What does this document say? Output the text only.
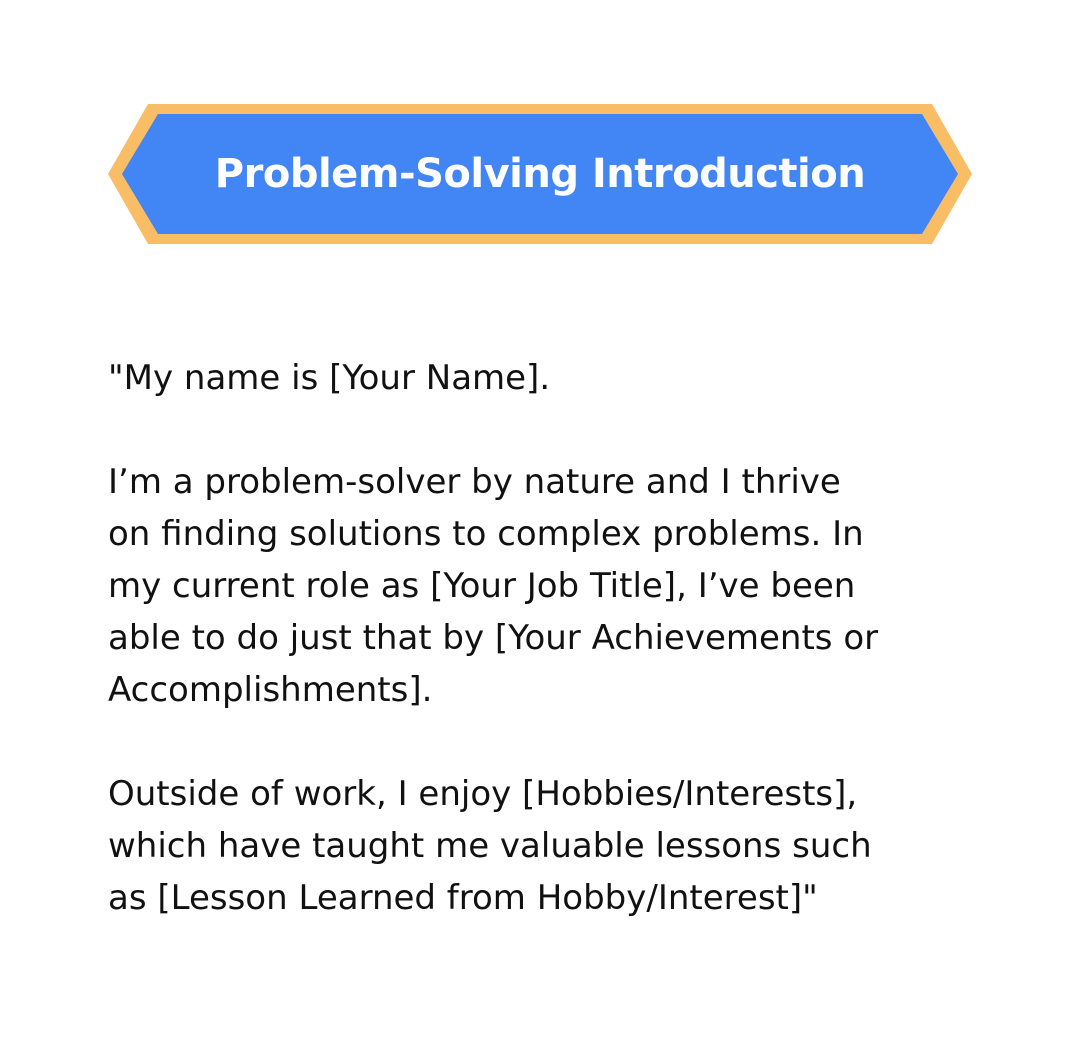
Problem-Solving Introduction

"My name is [Your Name].

I’m a problem-solver by nature and I thrive
on finding solutions to complex problems. In
my current role as [Your Job Title], I’ve been
able to do just that by [Your Achievements or
Accomplishments].

Outside of work, I enjoy [Hobbies/Interests],
which have taught me valuable lessons such
as [Lesson Learned from Hobby/Interest]"
